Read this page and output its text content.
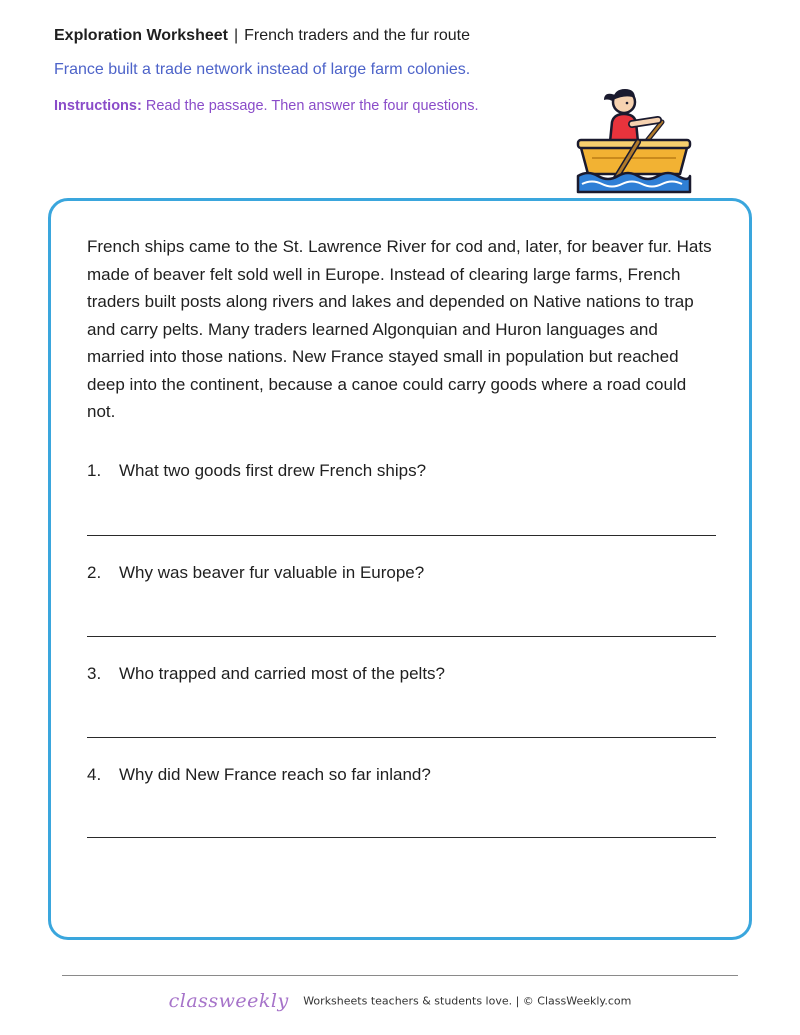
Exploration Worksheet | French traders and the fur route
France built a trade network instead of large farm colonies.
Instructions: Read the passage. Then answer the four questions.

French ships came to the St. Lawrence River for cod and, later, for beaver fur. Hats made of beaver felt sold well in Europe. Instead of clearing large farms, French traders built posts along rivers and lakes and depended on Native nations to trap and carry pelts. Many traders learned Algonquian and Huron languages and married into those nations. New France stayed small in population but reached deep into the continent, because a canoe could carry goods where a road could not.

1. What two goods first drew French ships?
2. Why was beaver fur valuable in Europe?
3. Who trapped and carried most of the pelts?
4. Why did New France reach so far inland?
classweekly Worksheets teachers & students love. | © ClassWeekly.com
